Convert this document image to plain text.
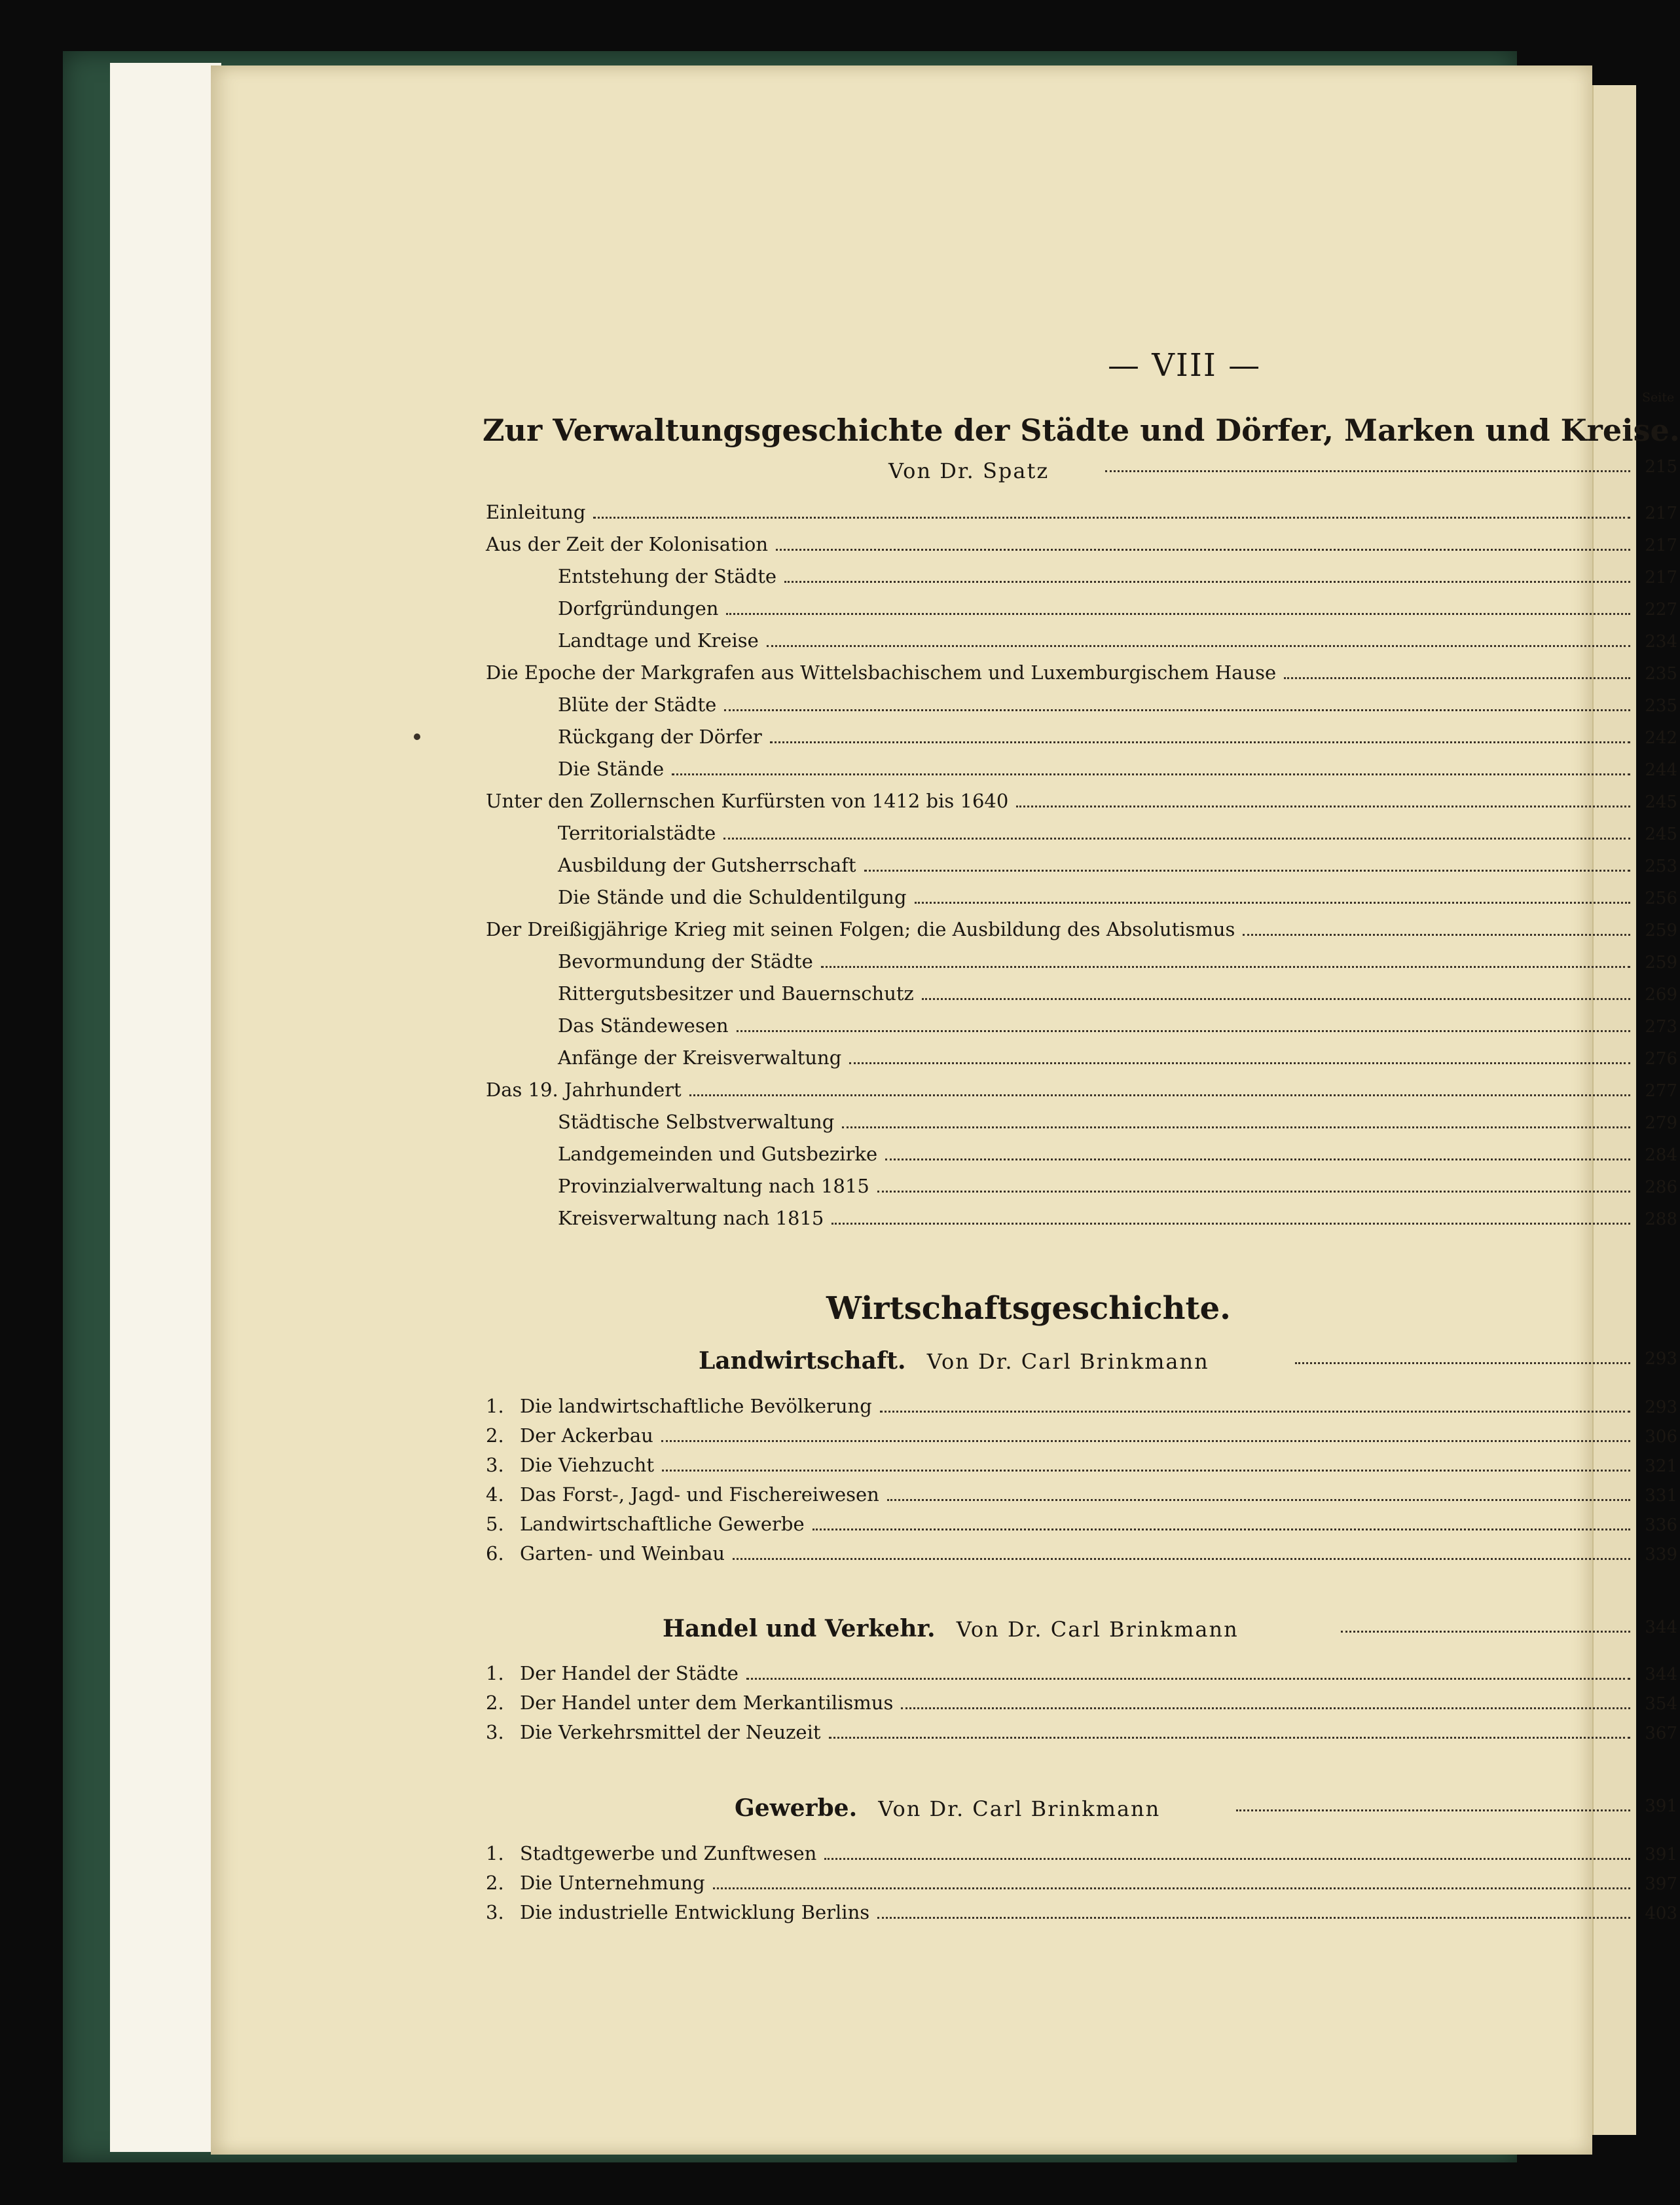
— VIII —
Seite
Zur Verwaltungsgeschichte der Städte und Dörfer, Marken und Kreise.
Von Dr. Spatz	215
Einleitung	217
Aus der Zeit der Kolonisation	217
Entstehung der Städte	217
Dorfgründungen	227
Landtage und Kreise	234
Die Epoche der Markgrafen aus Wittelsbachischem und Luxemburgischem Hause	235
Blüte der Städte	235
Rückgang der Dörfer	242
Die Stände	244
Unter den Zollernschen Kurfürsten von 1412 bis 1640	245
Territorialstädte	245
Ausbildung der Gutsherrschaft	253
Die Stände und die Schuldentilgung	256
Der Dreißigjährige Krieg mit seinen Folgen; die Ausbildung des Absolutismus	259
Bevormundung der Städte	259
Rittergutsbesitzer und Bauernschutz	269
Das Ständewesen	273
Anfänge der Kreisverwaltung	276
Das 19. Jahrhundert	277
Städtische Selbstverwaltung	279
Landgemeinden und Gutsbezirke	284
Provinzialverwaltung nach 1815	286
Kreisverwaltung nach 1815	288
Wirtschaftsgeschichte.
Landwirtschaft. Von Dr. Carl Brinkmann	293
1. Die landwirtschaftliche Bevölkerung	293
2. Der Ackerbau	306
3. Die Viehzucht	321
4. Das Forst-, Jagd- und Fischereiwesen	331
5. Landwirtschaftliche Gewerbe	336
6. Garten- und Weinbau	339
Handel und Verkehr. Von Dr. Carl Brinkmann	344
1. Der Handel der Städte	344
2. Der Handel unter dem Merkantilismus	354
3. Die Verkehrsmittel der Neuzeit	367
Gewerbe. Von Dr. Carl Brinkmann	391
1. Stadtgewerbe und Zunftwesen	391
2. Die Unternehmung	397
3. Die industrielle Entwicklung Berlins	403
